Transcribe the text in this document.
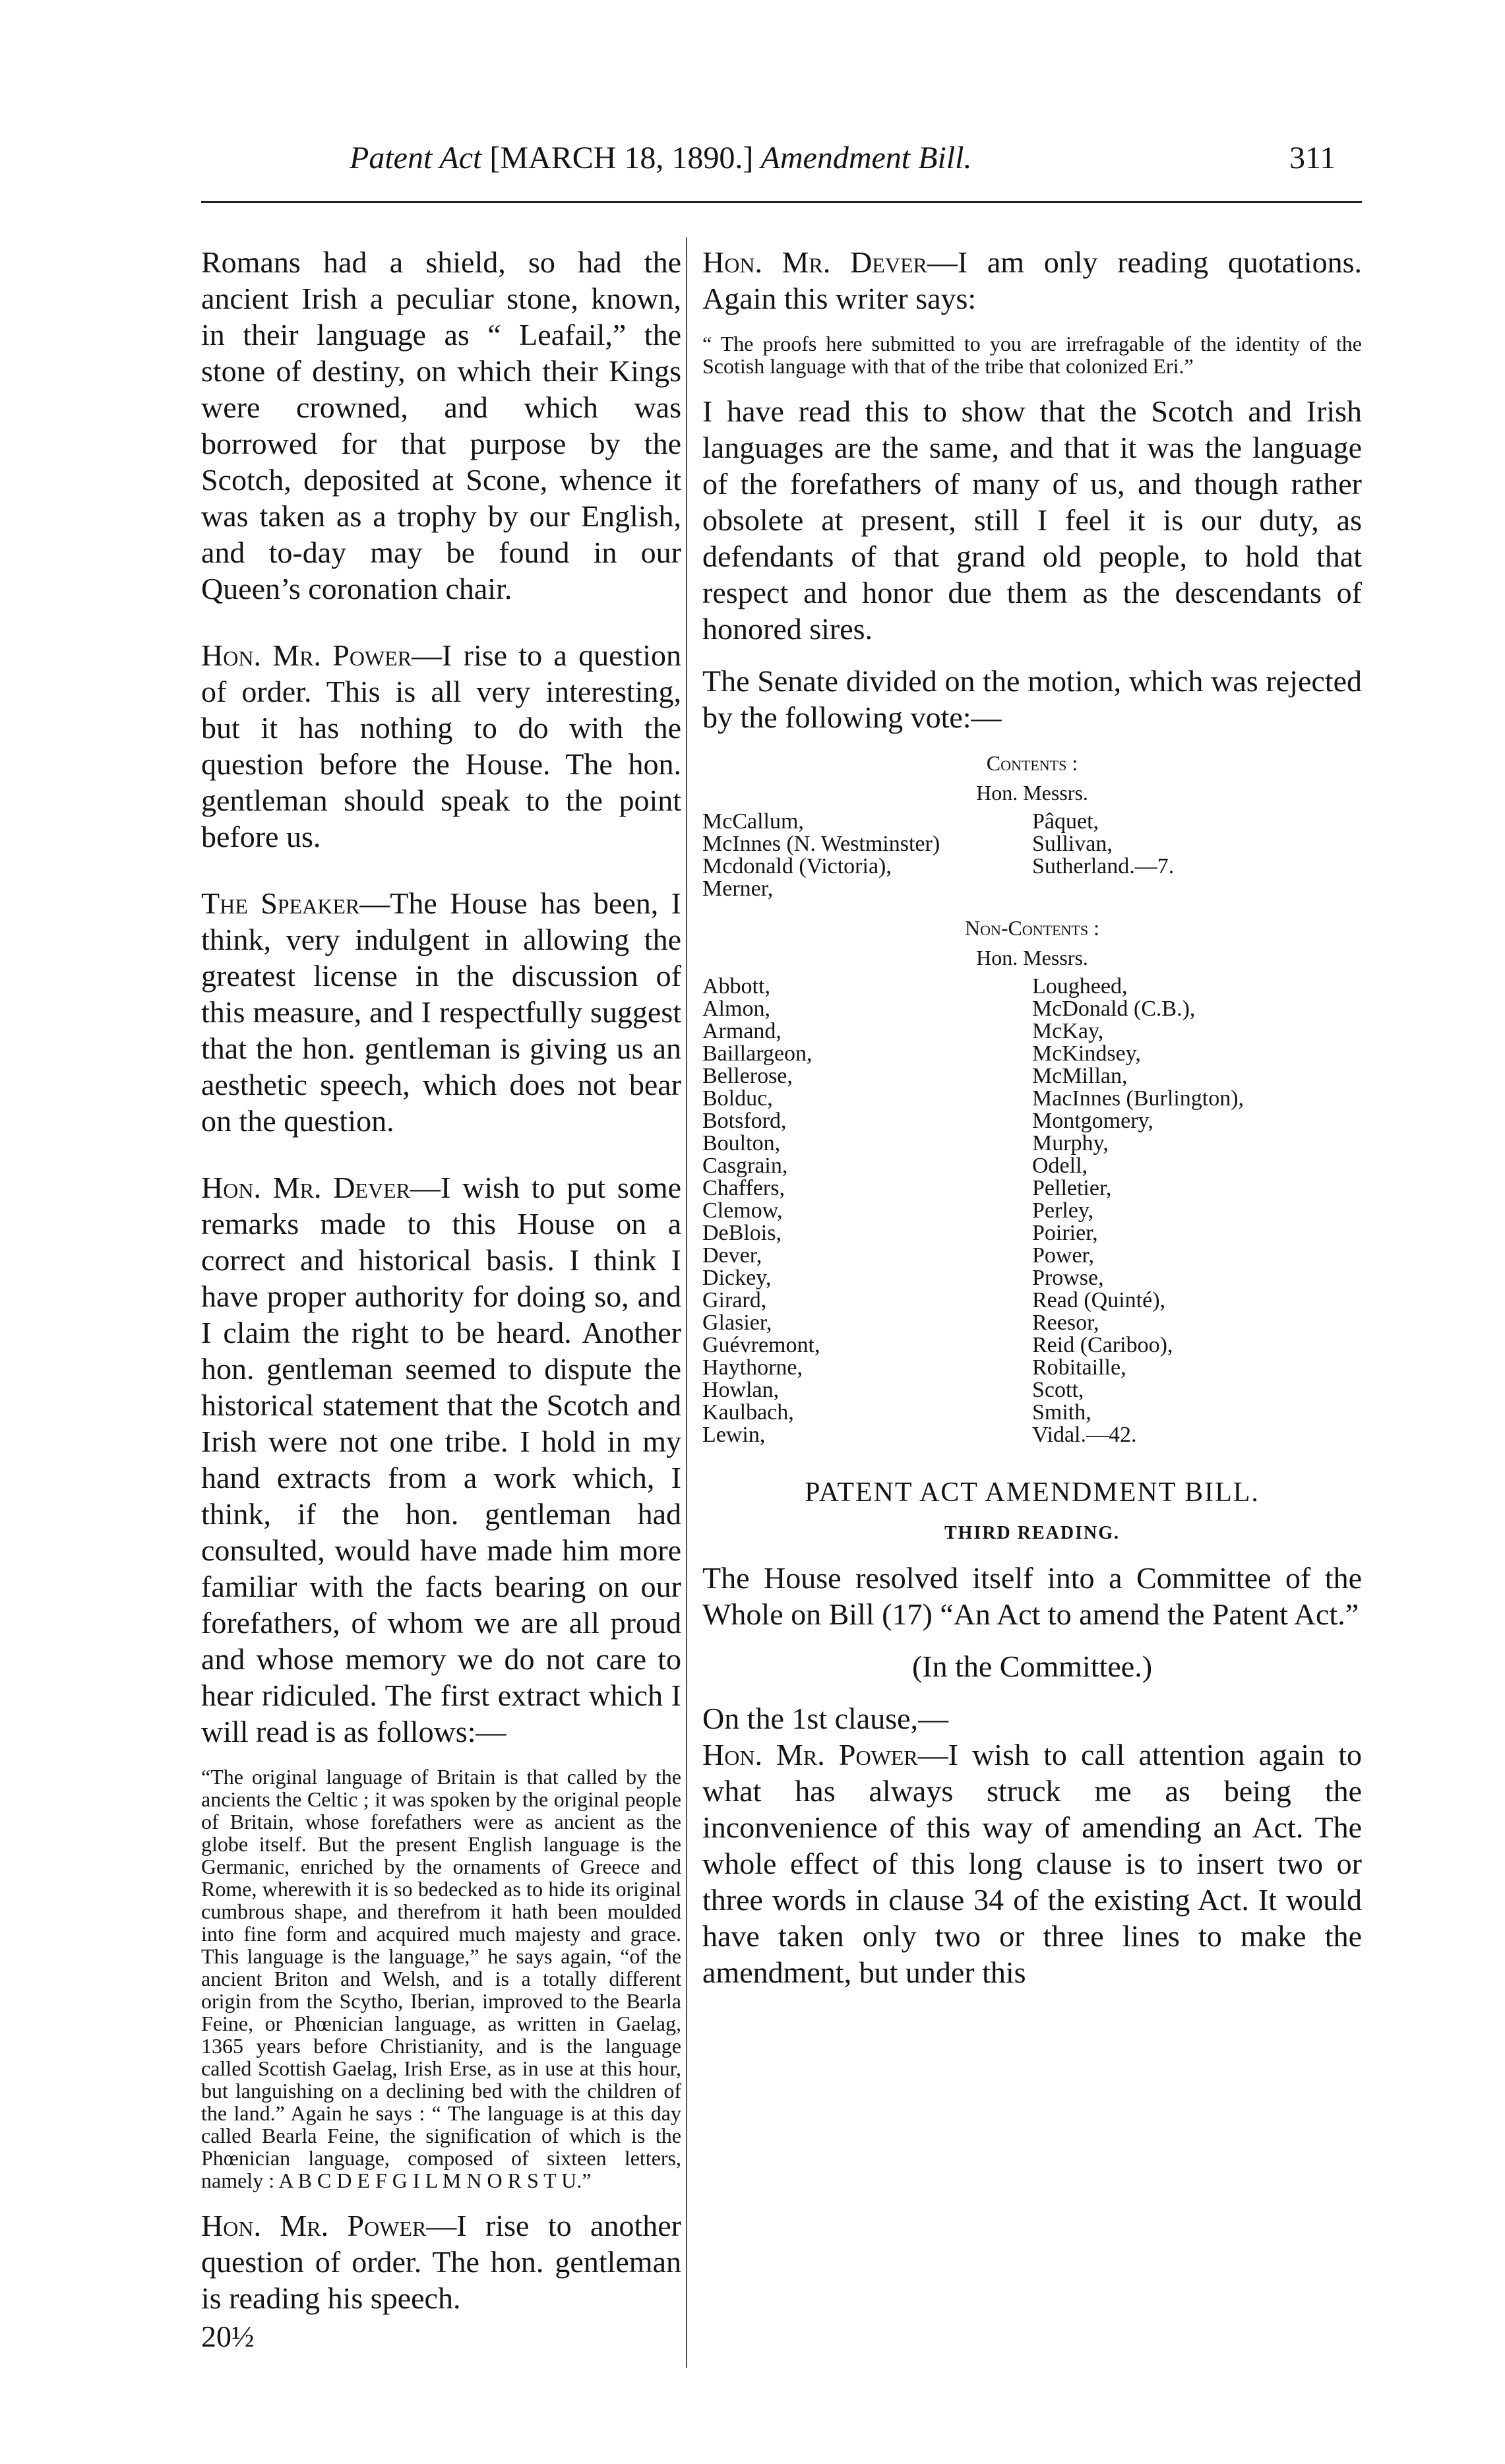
Patent Act [MARCH 18, 1890.] Amendment Bill.	311

Romans had a shield, so had the ancient Irish a peculiar stone, known, in their language as “ Leafail,” the stone of destiny, on which their Kings were crowned, and which was borrowed for that purpose by the Scotch, deposited at Scone, whence it was taken as a trophy by our English, and to-day may be found in our Queen’s coronation chair.

Hon. Mr. Power—I rise to a question of order. This is all very interesting, but it has nothing to do with the question before the House. The hon. gentleman should speak to the point before us.

The Speaker—The House has been, I think, very indulgent in allowing the greatest license in the discussion of this measure, and I respectfully suggest that the hon. gentleman is giving us an aesthetic speech, which does not bear on the question.

Hon. Mr. Dever—I wish to put some remarks made to this House on a correct and historical basis. I think I have proper authority for doing so, and I claim the right to be heard. Another hon. gentleman seemed to dispute the historical statement that the Scotch and Irish were not one tribe. I hold in my hand extracts from a work which, I think, if the hon. gentleman had consulted, would have made him more familiar with the facts bearing on our forefathers, of whom we are all proud and whose memory we do not care to hear ridiculed. The first extract which I will read is as follows:—

“The original language of Britain is that called by the ancients the Celtic ; it was spoken by the original people of Britain, whose forefathers were as ancient as the globe itself. But the present English language is the Germanic, enriched by the ornaments of Greece and Rome, wherewith it is so bedecked as to hide its original cumbrous shape, and therefrom it hath been moulded into fine form and acquired much majesty and grace. This language is the language,” he says again, “of the ancient Briton and Welsh, and is a totally different origin from the Scytho, Iberian, improved to the Bearla Feine, or Phœnician language, as written in Gaelag, 1365 years before Christianity, and is the language called Scottish Gaelag, Irish Erse, as in use at this hour, but languishing on a declining bed with the children of the land.” Again he says : “ The language is at this day called Bearla Feine, the signification of which is the Phœnician language, composed of sixteen letters, namely : A B C D E F G I L M N O R S T U.”

Hon. Mr. Power—I rise to another question of order. The hon. gentleman is reading his speech.

20½

Hon. Mr. Dever—I am only reading quotations. Again this writer says:

“ The proofs here submitted to you are irrefragable of the identity of the Scotish language with that of the tribe that colonized Eri.”

I have read this to show that the Scotch and Irish languages are the same, and that it was the language of the forefathers of many of us, and though rather obsolete at present, still I feel it is our duty, as defendants of that grand old people, to hold that respect and honor due them as the descendants of honored sires.

The Senate divided on the motion, which was rejected by the following vote:—

Contents :
Hon. Messrs.
McCallum,
McInnes (N. Westminster)
Mcdonald (Victoria),
Merner,
Pâquet,
Sullivan,
Sutherland.—7.

Non-Contents :
Hon. Messrs.
Abbott,
Almon,
Armand,
Baillargeon,
Bellerose,
Bolduc,
Botsford,
Boulton,
Casgrain,
Chaffers,
Clemow,
DeBlois,
Dever,
Dickey,
Girard,
Glasier,
Guévremont,
Haythorne,
Howlan,
Kaulbach,
Lewin,
Lougheed,
McDonald (C.B.),
McKay,
McKindsey,
McMillan,
MacInnes (Burlington),
Montgomery,
Murphy,
Odell,
Pelletier,
Perley,
Poirier,
Power,
Prowse,
Read (Quinté),
Reesor,
Reid (Cariboo),
Robitaille,
Scott,
Smith,
Vidal.—42.
PATENT ACT AMENDMENT BILL.
THIRD READING.

The House resolved itself into a Committee of the Whole on Bill (17) “An Act to amend the Patent Act.”

(In the Committee.)

On the 1st clause,—

Hon. Mr. Power—I wish to call attention again to what has always struck me as being the inconvenience of this way of amending an Act. The whole effect of this long clause is to insert two or three words in clause 34 of the existing Act. It would have taken only two or three lines to make the amendment, but under this
